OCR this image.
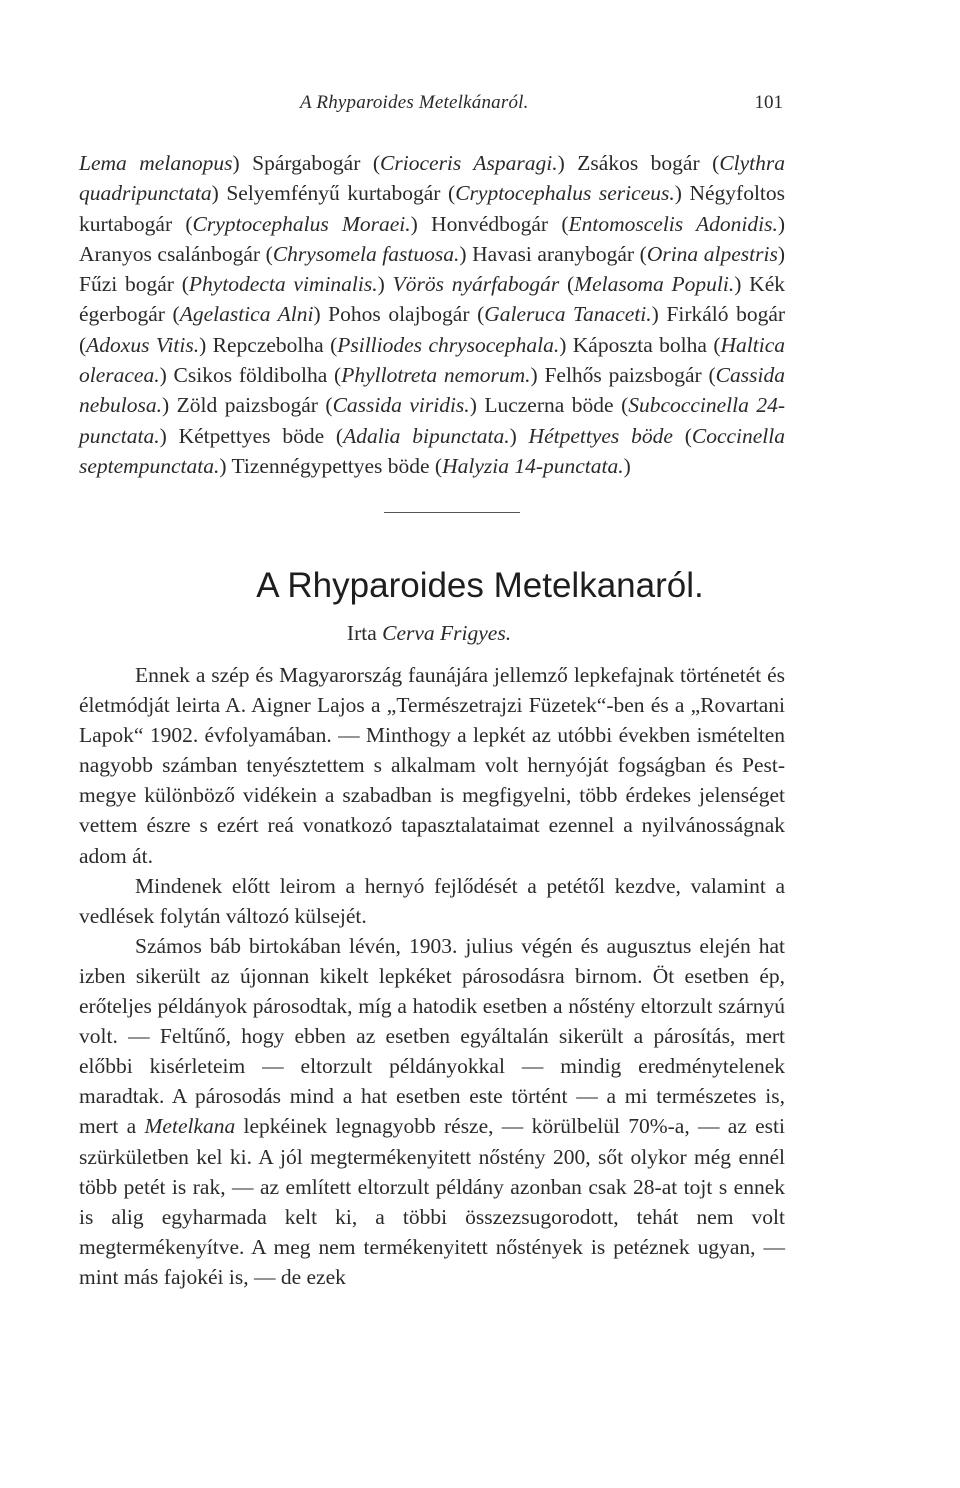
A Rhyparoides Metelkánaról.	101

Lema melanopus) Spárgabogár (Crioceris Asparagi.) Zsákos bogár (Clythra quadripunctata) Selyemfényű kurtabogár (Cryptocephalus sericeus.) Négyfoltos kurtabogár (Cryptocephalus Moraei.) Honvédbogár (Entomoscelis Adonidis.) Aranyos csalánbogár (Chrysomela fastuosa.) Havasi aranybogár (Orina alpestris) Fűzi bogár (Phytodecta viminalis.) Vörös nyárfabogár (Melasoma Populi.) Kék égerbogár (Agelastica Alni) Pohos olajbogár (Galeruca Tanaceti.) Firkáló bogár (Adoxus Vitis.) Repczebolha (Psilliodes chrysocephala.) Káposzta bolha (Haltica oleracea.) Csikos földibolha (Phyllotreta nemorum.) Felhős paizsbogár (Cassida nebulosa.) Zöld paizsbogár (Cassida viridis.) Luczerna böde (Subcoccinella 24-punctata.) Kétpettyes böde (Adalia bipunctata.) Hétpettyes böde (Coccinella septempunctata.) Tizennégypettyes böde (Halyzia 14-punctata.)

A Rhyparoides Metelkanaról.
Irta Cerva Frigyes.

Ennek a szép és Magyarország faunájára jellemző lepkefajnak történetét és életmódját leirta A. Aigner Lajos a „Természetrajzi Füzetek“-ben és a „Rovartani Lapok“ 1902. évfolyamában. — Minthogy a lepkét az utóbbi években ismételten nagyobb számban tenyésztettem s alkalmam volt hernyóját fogságban és Pest-megye különböző vidékein a szabadban is megfigyelni, több érdekes jelenséget vettem észre s ezért reá vonatkozó tapasztalataimat ezennel a nyilvánosságnak adom át.

Mindenek előtt leirom a hernyó fejlődését a petétől kezdve, valamint a vedlések folytán változó külsejét.

Számos báb birtokában lévén, 1903. julius végén és augusztus elején hat izben sikerült az újonnan kikelt lepkéket párosodásra birnom. Öt esetben ép, erőteljes példányok párosodtak, míg a hatodik esetben a nőstény eltorzult szárnyú volt. — Feltűnő, hogy ebben az esetben egyáltalán sikerült a párosítás, mert előbbi kisérleteim — eltorzult példányokkal — mindig eredménytelenek maradtak. A párosodás mind a hat esetben este történt — a mi természetes is, mert a Metelkana lepkéinek legnagyobb része, — körülbelül 70%-a, — az esti szürkületben kel ki. A jól megtermékenyitett nőstény 200, sőt olykor még ennél több petét is rak, — az említett eltorzult példány azonban csak 28-at tojt s ennek is alig egyharmada kelt ki, a többi összezsugorodott, tehát nem volt megtermékenyítve. A meg nem termékenyitett nőstények is petéznek ugyan, — mint más fajokéi is, — de ezek
